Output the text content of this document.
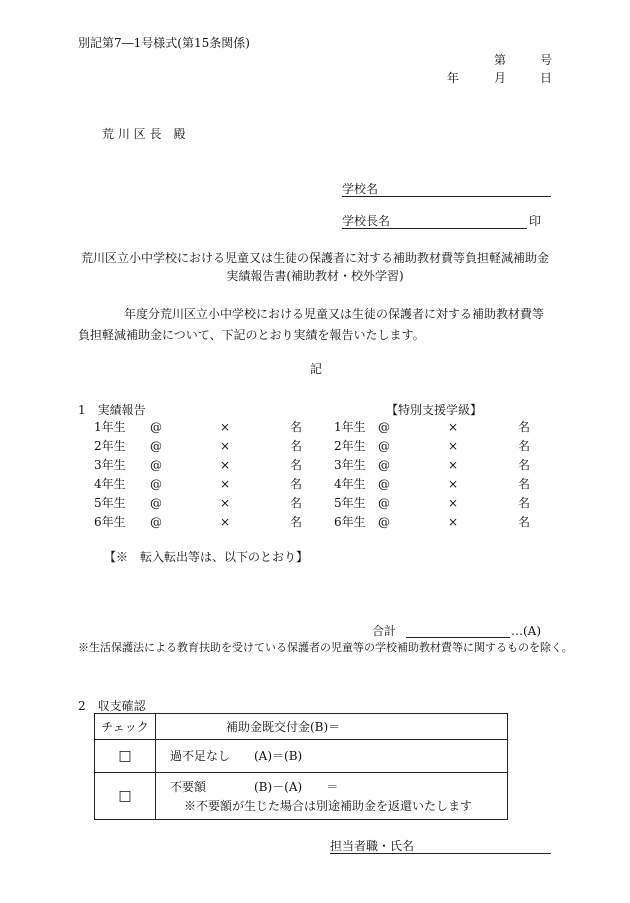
別記第7―1号様式(第15条関係)
第	号
年	月	日
荒 川 区 長　殿
学校名
学校長名	印
荒川区立小中学校における児童又は生徒の保護者に対する補助教材費等負担軽減補助金
実績報告書(補助教材・校外学習)
年度分荒川区立小中学校における児童又は生徒の保護者に対する補助教材費等負担軽減補助金について、下記のとおり実績を報告いたします。
記
1　実績報告	【特別支援学級】
1年生 @	×	名	1年生 @	×	名
2年生 @	×	名	2年生 @	×	名
3年生 @	×	名	3年生 @	×	名
4年生 @	×	名	4年生 @	×	名
5年生 @	×	名	5年生 @	×	名
6年生 @	×	名	6年生 @	×	名
【※　転入転出等は、以下のとおり】
合計	…(A)
※生活保護法による教育扶助を受けている保護者の児童等の学校補助教材費等に関するものを除く。
2　収支確認
チェック	補助金既交付金(B)＝
□	過不足なし　　(A)＝(B)
□	不要額　　　　(B)－(A)　　＝
※不要額が生じた場合は別途補助金を返還いたします
担当者職・氏名
